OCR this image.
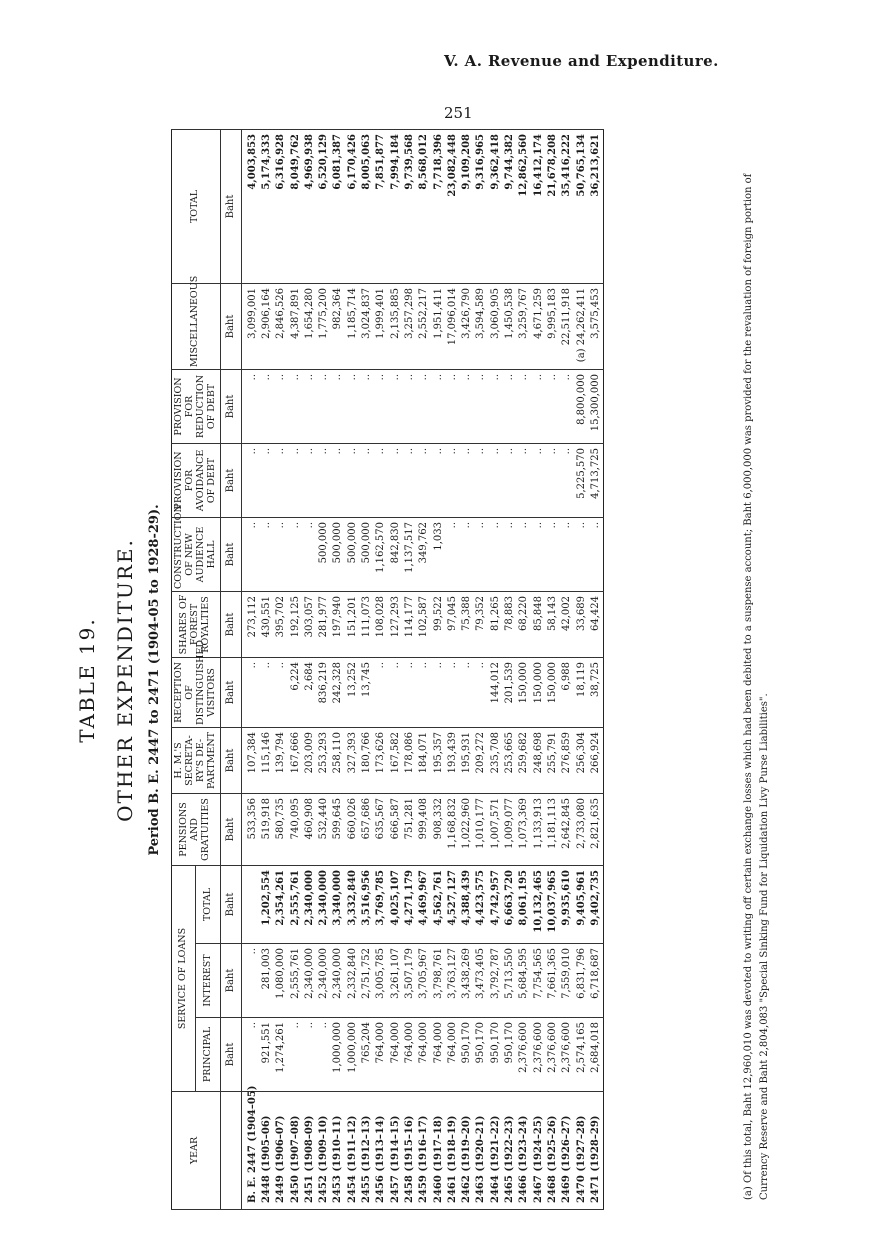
V. A. Revenue and Expenditure.
251
TABLE 19. OTHER EXPENDITURE. Period B. E. 2447 to 2471 (1904-05 to 1928-29).
YEAR	SERVICE OF LOANS			PENSIONS AND GRATUITIES	H. M.'S SECRETA-RY'S DE-PARTMENT	RECEPTION OF DISTINGUISHED VISITORS	SHARES OF FOREST ROYALTIES	CONSTRUCTION OF NEW AUDIENCE HALL	PROVISION FOR AVOIDANCE OF DEBT	PROVISION FOR REDUCTION OF DEBT	MISCELLANEOUS	TOTAL
	PRINCIPAL	INTEREST	TOTAL									
	Baht	Baht	Baht	Baht	Baht	Baht	Baht	Baht	Baht	Baht	Baht	Baht
B. E. 2447 (1904–05)	..	..		533,356	107,384	..	273,112	..	..	..	3,099,001	4,003,853
2448 (1905–06)	921,551	281,003	1,202,554	519,918	115,146	..	430,551	..	..	..	2,906,164	5,174,333
2449 (1906–07)	1,274,261	1,080,000	2,354,261	580,735	139,794	..	395,702	..	..	..	2,846,526	6,316,928
2450 (1907–08)	..	2,555,761	2,555,761	740,095	167,666	6,224	192,125	..	..	..	4,387,891	8,049,762
2451 (1908–09)	..	2,340,000	2,340,000	460,908	203,009	2,684	303,057	..	..	..	1,654,280	4,969,938
2452 (1909–10)	..	2,340,000	2,340,000	532,440	253,293	836,219	281,977	500,000	..	..	1,775,200	6,520,129
2453 (1910–11)	1,000,000	2,340,000	3,340,000	599,645	258,110	242,328	197,940	500,000	..	..	982,364	6,081,387
2454 (1911–12)	1,000,000	2,332,840	3,332,840	660,026	327,393	13,252	151,201	500,000	..	..	1,185,714	6,170,426
2455 (1912–13)	765,204	2,751,752	3,516,956	657,686	180,766	13,745	111,073	500,000	..	..	3,024,837	8,005,063
2456 (1913–14)	764,000	3,005,785	3,769,785	635,567	173,626	..	108,028	1,162,570	..	..	1,999,401	7,851,877
2457 (1914–15)	764,000	3,261,107	4,025,107	666,587	167,582	..	127,293	842,830	..	..	2,135,885	7,994,184
2458 (1915–16)	764,000	3,507,179	4,271,179	751,281	178,086	..	114,177	1,137,517	..	..	3,257,298	9,739,568
2459 (1916–17)	764,000	3,705,967	4,469,967	999,408	184,071	..	102,587	349,762	..	..	2,552,217	8,568,012
2460 (1917–18)	764,000	3,798,761	4,562,761	908,332	195,357	..	99,522	1,033	..	..	1,951,411	7,718,396
2461 (1918–19)	764,000	3,763,127	4,527,127	1,168,832	193,439	..	97,045	..	..	..	17,096,014	23,082,448
2462 (1919–20)	950,170	3,438,269	4,388,439	1,022,960	195,931	..	75,388	..	..	..	3,426,790	9,109,208
2463 (1920–21)	950,170	3,473,405	4,423,575	1,010,177	209,272	..	79,352	..	..	..	3,594,589	9,316,965
2464 (1921–22)	950,170	3,792,787	4,742,957	1,007,571	235,708	144,012	81,265	..	..	..	3,060,905	9,362,418
2465 (1922–23)	950,170	5,713,550	6,663,720	1,009,077	253,665	201,539	78,883	..	..	..	1,450,538	9,744,382
2466 (1923–24)	2,376,600	5,684,595	8,061,195	1,073,369	259,682	150,000	68,220	..	..	..	3,259,767	12,862,560
2467 (1924–25)	2,376,600	7,754,565	10,132,465	1,133,913	248,698	150,000	85,848	..	..	..	4,671,259	16,412,174
2468 (1925–26)	2,376,600	7,661,365	10,037,965	1,181,113	255,791	150,000	58,143	..	..	..	9,995,183	21,678,208
2469 (1926–27)	2,376,600	7,559,010	9,935,610	2,642,845	276,859	6,988	42,002	..	..	..	22,511,918	35,416,222
2470 (1927–28)	2,574,165	6,831,796	9,405,961	2,733,080	256,304	18,119	33,689	..	5,225,570	8,800,000	(a) 24,262,411	50,765,134
2471 (1928–29)	2,684,018	6,718,687	9,402,735	2,821,635	266,924	38,725	64,424	..	4,713,725	15,300,000	3,575,453	36,213,621
(a) Of this total, Baht 12,960,010 was devoted to writing off certain exchange losses which had been debited to a suspense account; Baht 6,000,000 was provided for the revaluation of foreign portion of Currency Reserve and Baht 2,804,083 "Special Sinking Fund for Liquidation Livy Purse Liabilities".
